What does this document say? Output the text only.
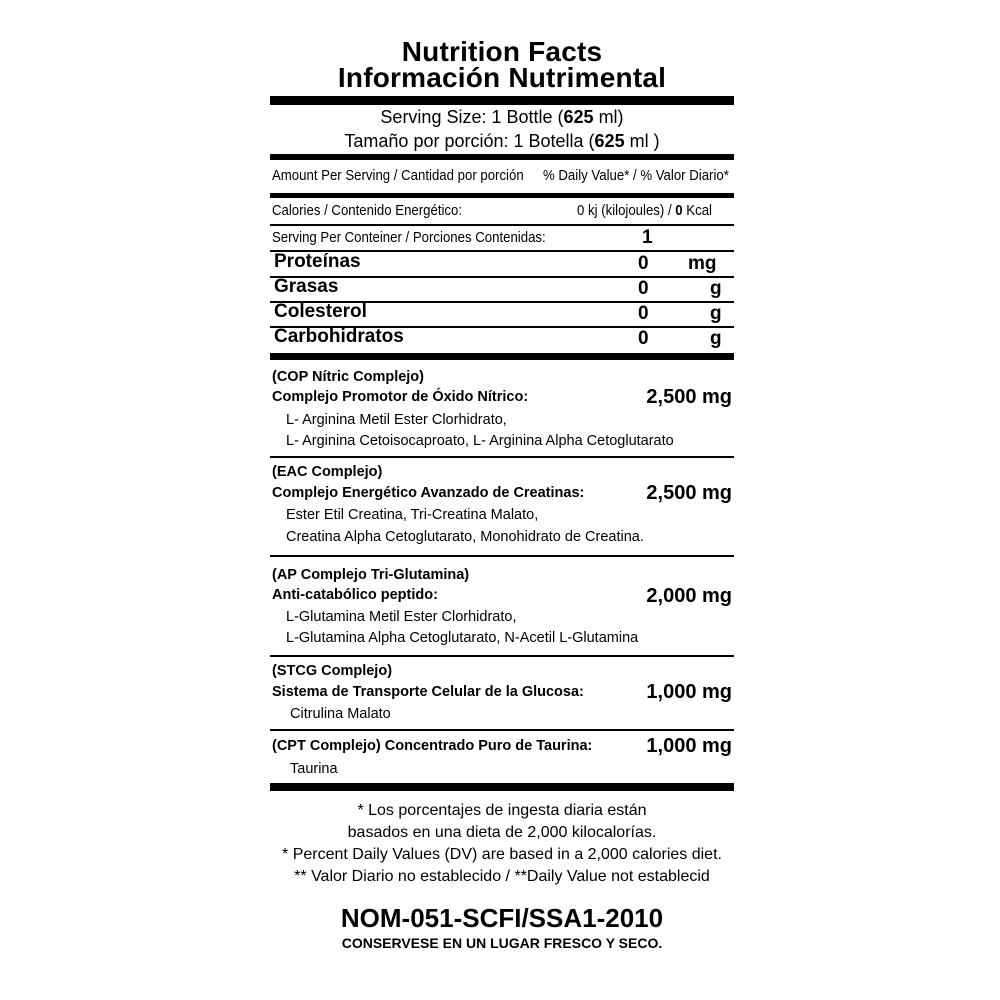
Nutrition Facts
Información Nutrimental
Serving Size: 1 Bottle (625 ml)
Tamaño por porción: 1 Botella (625 ml )
Amount Per Serving / Cantidad por porción % Daily Value* / % Valor Diario*
Calories / Contenido Energético:	0 kj (kilojoules) / 0 Kcal
Serving Per Conteiner / Porciones Contenidas:	1
Proteínas	0 mg
Grasas	0	g
Colesterol	0	g
Carbohidratos	0	g
(COP Nítric Complejo)
Complejo Promotor de Óxido Nítrico:	2,500 mg
L- Arginina Metil Ester Clorhidrato,
L- Arginina Cetoisocaproato, L- Arginina Alpha Cetoglutarato
(EAC Complejo)
Complejo Energético Avanzado de Creatinas:	2,500 mg
Ester Etil Creatina, Tri-Creatina Malato,
Creatina Alpha Cetoglutarato, Monohidrato de Creatina.
(AP Complejo Tri-Glutamina)
Anti-catabólico peptido:	2,000 mg
L-Glutamina Metil Ester Clorhidrato,
L-Glutamina Alpha Cetoglutarato, N-Acetil L-Glutamina
(STCG Complejo)
Sistema de Transporte Celular de la Glucosa:	1,000 mg
Citrulina Malato
(CPT Complejo) Concentrado Puro de Taurina:	1,000 mg
Taurina
* Los porcentajes de ingesta diaria están
basados en una dieta de 2,000 kilocalorías.
* Percent Daily Values (DV) are based in a 2,000 calories diet.
** Valor Diario no establecido / **Daily Value not establecid
NOM-051-SCFI/SSA1-2010
CONSERVESE EN UN LUGAR FRESCO Y SECO.
